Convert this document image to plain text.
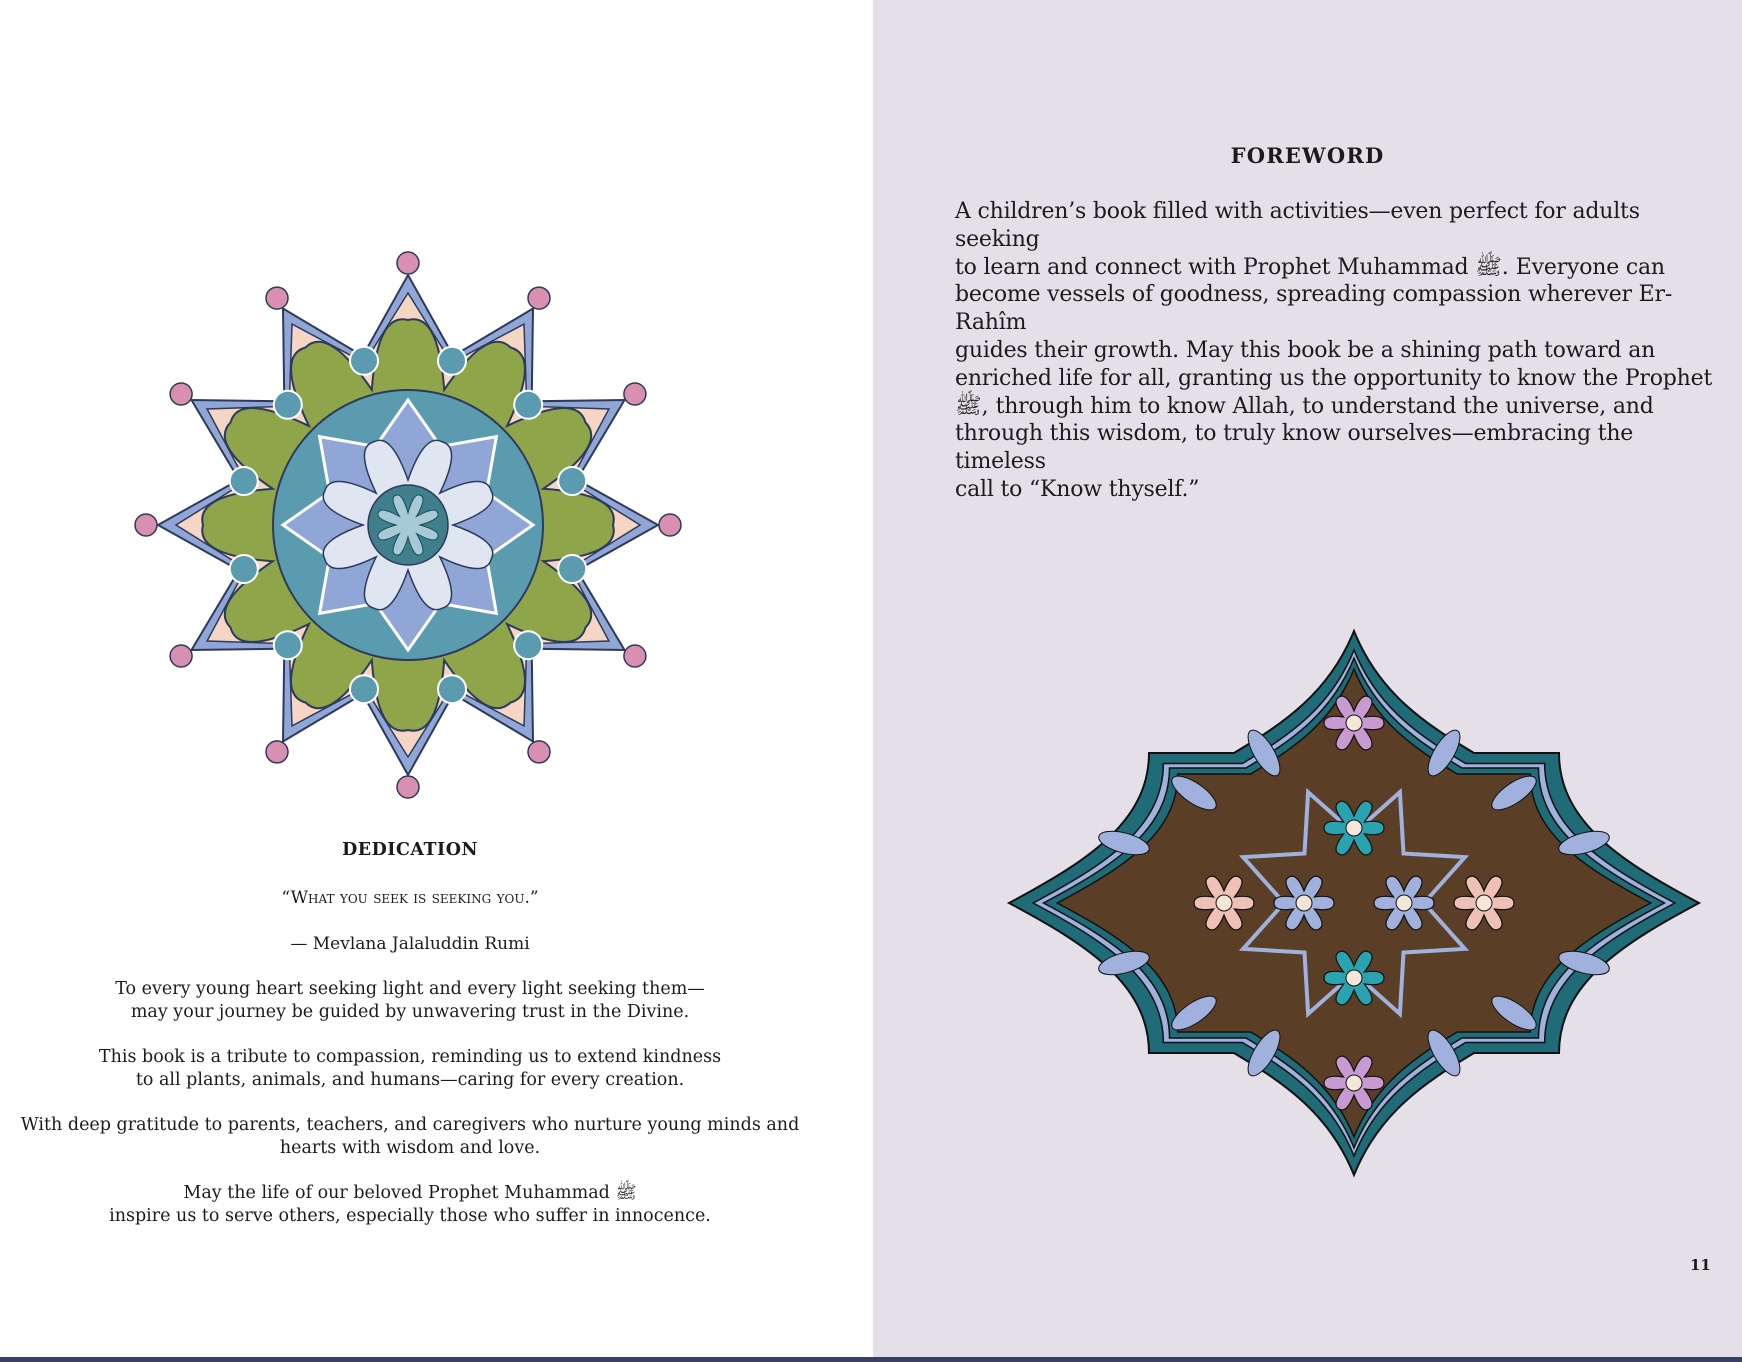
DEDICATION
“What you seek is seeking you.”
— Mevlana Jalaluddin Rumi
To every young heart seeking light and every light seeking them—
may your journey be guided by unwavering trust in the Divine.
This book is a tribute to compassion, reminding us to extend kindness
to all plants, animals, and humans—caring for every creation.
With deep gratitude to parents, teachers, and caregivers who nurture young minds and
hearts with wisdom and love.
May the life of our beloved Prophet Muhammad ﷺ
inspire us to serve others, especially those who suffer in innocence.
FOREWORD
A children’s book filled with activities—even perfect for adults seeking
to learn and connect with Prophet Muhammad ﷺ. Everyone can
become vessels of goodness, spreading compassion wherever Er-Rahîm
guides their growth. May this book be a shining path toward an
enriched life for all, granting us the opportunity to know the Prophet
ﷺ, through him to know Allah, to understand the universe, and
through this wisdom, to truly know ourselves—embracing the timeless
call to “Know thyself.”
11
